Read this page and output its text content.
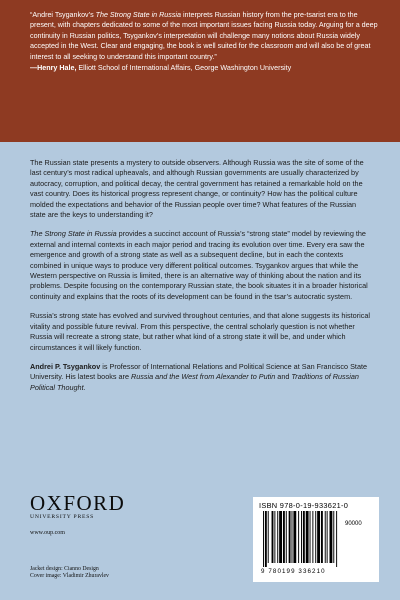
“Andrei Tsygankov’s The Strong State in Russia interprets Russian history from the pre-tsarist era to the present, with chapters dedicated to some of the most important issues facing Russia today. Arguing for a deep continuity in Russian politics, Tsygankov’s interpretation will challenge many notions about Russia widely accepted in the West. Clear and engaging, the book is well suited for the classroom and will also be of great interest to all seeking to understand this important country.”

—Henry Hale, Elliott School of International Affairs, George Washington University

The Russian state presents a mystery to outside observers. Although Russia was the site of some of the last century’s most radical upheavals, and although Russian governments are usually characterized by autocracy, corruption, and political decay, the central government has retained a remarkable hold on the vast country. Does its historical progress represent change, or continuity? How has the political culture molded the expectations and behavior of the Russian people over time? What features of the Russian state are the keys to understanding it?

The Strong State in Russia provides a succinct account of Russia’s “strong state” model by reviewing the external and internal contexts in each major period and tracing its evolution over time. Every era saw the emergence and growth of a strong state as well as a subsequent decline, but in each the contexts combined in unique ways to produce very different political outcomes. Tsygankov argues that while the Western perspective on Russia is limited, there is an alternative way of thinking about the nation and its problems. Despite focusing on the contemporary Russian state, the book situates it in a broader historical continuity and explains that the roots of its development can be found in the tsar’s autocratic system.

Russia’s strong state has evolved and survived throughout centuries, and that alone suggests its historical vitality and possible future revival. From this perspective, the central scholarly question is not whether Russia will recreate a strong state, but rather what kind of a strong state it will be, and under which circumstances it will likely function.

Andrei P. Tsygankov is Professor of International Relations and Political Science at San Francisco State University. His latest books are Russia and the West from Alexander to Putin and Traditions of Russian Political Thought.

OXFORD
UNIVERSITY PRESS
www.oup.com
Jacket design: Cianno Design
Cover image: Vladimir Zhuravlev
ISBN 978-0-19-933621-0
90000
9 780199 336210
